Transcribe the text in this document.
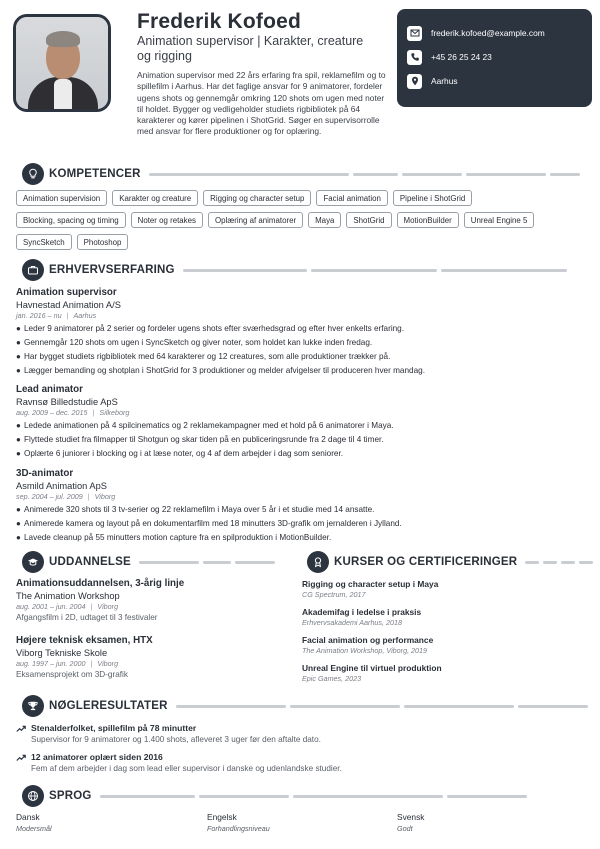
Frederik Kofoed
Animation supervisor | Karakter, creature og rigging
Animation supervisor med 22 års erfaring fra spil, reklamefilm og to spillefilm i Aarhus. Har det faglige ansvar for 9 animatorer, fordeler ugens shots og gennemgår omkring 120 shots om ugen med noter til holdet. Bygger og vedligeholder studiets rigbibliotek på 64 karakterer og kører pipelinen i ShotGrid. Søger en supervisorrolle med ansvar for flere produktioner og for oplæring.
frederik.kofoed@example.com
+45 26 25 24 23
Aarhus
KOMPETENCER
Animation supervision	Karakter og creature	Rigging og character setup	Facial animation	Pipeline i ShotGrid
Blocking, spacing og timing	Noter og retakes	Oplæring af animatorer	Maya	ShotGrid	MotionBuilder	Unreal Engine 5
SyncSketch	Photoshop
ERHVERVSERFARING
Animation supervisor
Havnestad Animation A/S
jan. 2016 – nu | Aarhus
● Leder 9 animatorer på 2 serier og fordeler ugens shots efter sværhedsgrad og efter hver enkelts erfaring.
● Gennemgår 120 shots om ugen i SyncSketch og giver noter, som holdet kan lukke inden fredag.
● Har bygget studiets rigbibliotek med 64 karakterer og 12 creatures, som alle produktioner trækker på.
● Lægger bemanding og shotplan i ShotGrid for 3 produktioner og melder afvigelser til produceren hver mandag.
Lead animator
Ravnsø Billedstudie ApS
aug. 2009 – dec. 2015 | Silkeborg
● Ledede animationen på 4 spilcinematics og 2 reklamekampagner med et hold på 6 animatorer i Maya.
● Flyttede studiet fra filmapper til Shotgun og skar tiden på en publiceringsrunde fra 2 dage til 4 timer.
● Oplærte 6 juniorer i blocking og i at læse noter, og 4 af dem arbejder i dag som seniorer.
3D-animator
Asmild Animation ApS
sep. 2004 – jul. 2009 | Viborg
● Animerede 320 shots til 3 tv-serier og 22 reklamefilm i Maya over 5 år i et studie med 14 ansatte.
● Animerede kamera og layout på en dokumentarfilm med 18 minutters 3D-grafik om jernalderen i Jylland.
● Lavede cleanup på 55 minutters motion capture fra en spilproduktion i MotionBuilder.
UDDANNELSE
Animationsuddannelsen, 3-årig linje
The Animation Workshop
aug. 2001 – jun. 2004 | Viborg
Afgangsfilm i 2D, udtaget til 3 festivaler
Højere teknisk eksamen, HTX
Viborg Tekniske Skole
aug. 1997 – jun. 2000 | Viborg
Eksamensprojekt om 3D-grafik
KURSER OG CERTIFICERINGER
Rigging og character setup i Maya
CG Spectrum, 2017
Akademifag i ledelse i praksis
Erhvervsakademi Aarhus, 2018
Facial animation og performance
The Animation Workshop, Viborg, 2019
Unreal Engine til virtuel produktion
Epic Games, 2023
NØGLERESULTATER
Stenalderfolket, spillefilm på 78 minutter
Supervisor for 9 animatorer og 1.400 shots, afleveret 3 uger før den aftalte dato.
12 animatorer oplært siden 2016
Fem af dem arbejder i dag som lead eller supervisor i danske og udenlandske studier.
SPROG
Dansk
Modersmål
Engelsk
Forhandlingsniveau
Svensk
Godt
